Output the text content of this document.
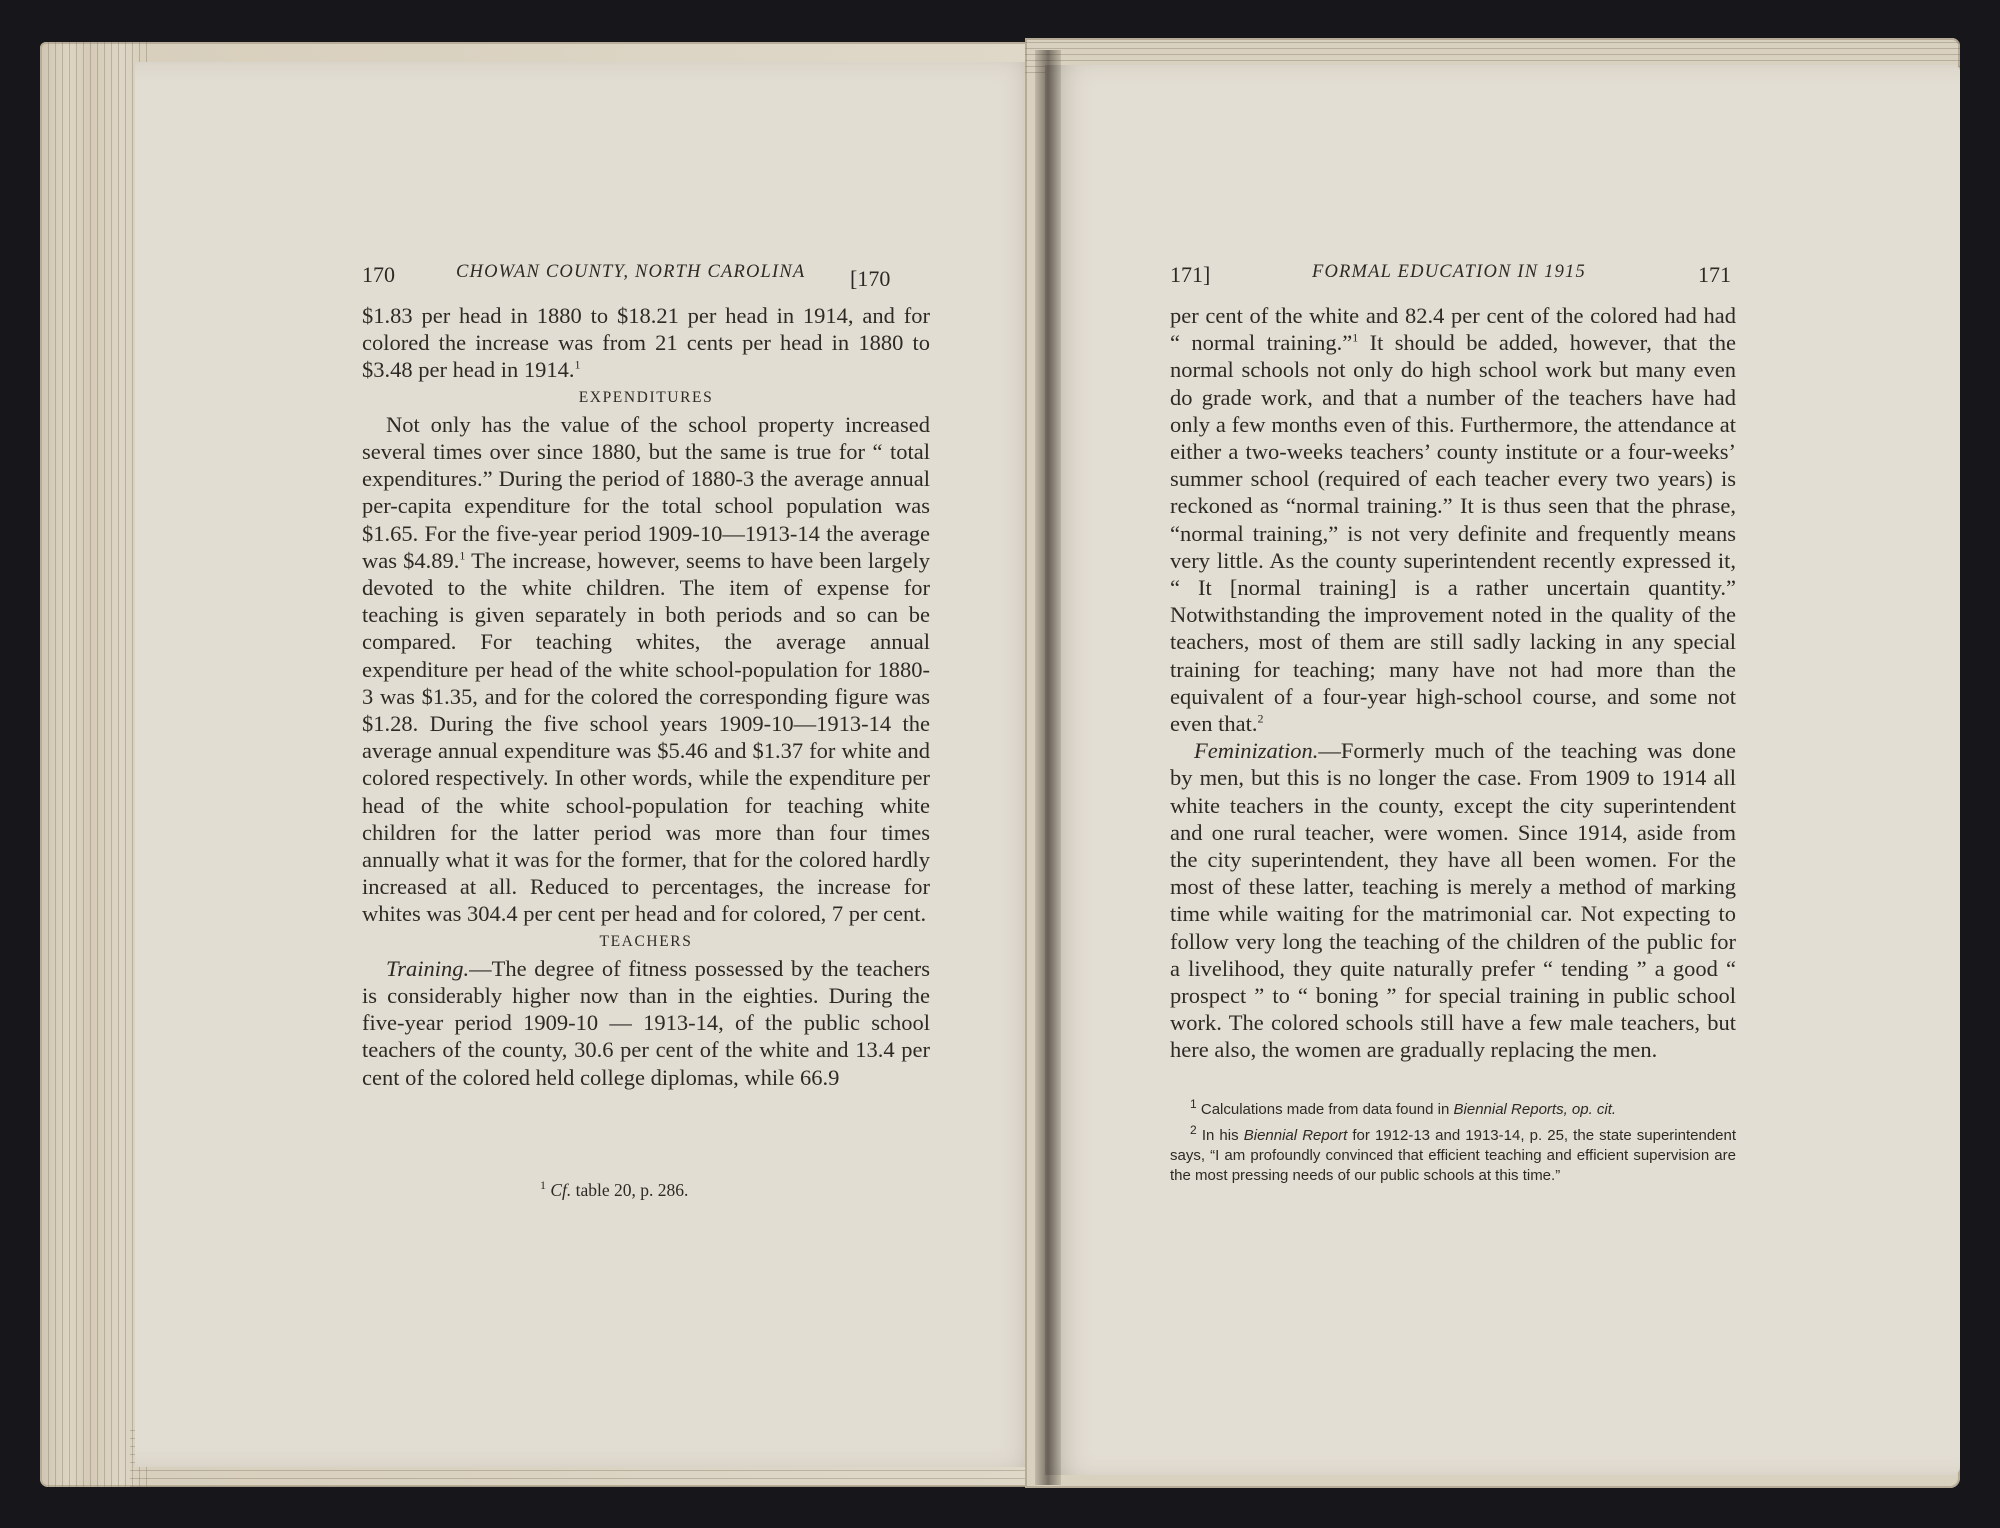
170	CHOWAN COUNTY, NORTH CAROLINA [170

$1.83 per head in 1880 to $18.21 per head in 1914, and for colored the increase was from 21 cents per head in 1880 to $3.48 per head in 1914.$^1$

EXPENDITURES

Not only has the value of the school property increased several times over since 1880, but the same is true for “ total expenditures.” During the period of 1880-3 the average annual per-capita expenditure for the total school population was $1.65. For the five-year period 1909-10—1913-14 the average was $4.89.$^1$ The increase, however, seems to have been largely devoted to the white children. The item of expense for teaching is given separately in both periods and so can be compared. For teaching whites, the average annual expenditure per head of the white school-population for 1880-3 was $1.35, and for the colored the corresponding figure was $1.28. During the five school years 1909-10—1913-14 the average annual expenditure was $5.46 and $1.37 for white and colored respectively. In other words, while the expenditure per head of the white school-population for teaching white children for the latter period was more than four times annually what it was for the former, that for the colored hardly increased at all. Reduced to percentages, the increase for whites was 304.4 per cent per head and for colored, 7 per cent.

TEACHERS

Training.—The degree of fitness possessed by the teachers is considerably higher now than in the eighties. During the five-year period 1909-10 — 1913-14, of the public school teachers of the county, 30.6 per cent of the white and 13.4 per cent of the colored held college diplomas, while 66.9

$^1$ Cf. table 20, p. 286.
171]	FORMAL EDUCATION IN 1915	171

per cent of the white and 82.4 per cent of the colored had had “ normal training.”$^1$ It should be added, however, that the normal schools not only do high school work but many even do grade work, and that a number of the teachers have had only a few months even of this. Furthermore, the attendance at either a two-weeks teachers’ county institute or a four-weeks’ summer school (required of each teacher every two years) is reckoned as “normal training.” It is thus seen that the phrase, “normal training,” is not very definite and frequently means very little. As the county superintendent recently expressed it, “ It [normal training] is a rather uncertain quantity.” Notwithstanding the improvement noted in the quality of the teachers, most of them are still sadly lacking in any special training for teaching; many have not had more than the equivalent of a four-year high-school course, and some not even that.$^2$

Feminization.—Formerly much of the teaching was done by men, but this is no longer the case. From 1909 to 1914 all white teachers in the county, except the city superintendent and one rural teacher, were women. Since 1914, aside from the city superintendent, they have all been women. For the most of these latter, teaching is merely a method of marking time while waiting for the matrimonial car. Not expecting to follow very long the teaching of the children of the public for a livelihood, they quite naturally prefer “ tending ” a good “ prospect ” to “ boning ” for special training in public school work. The colored schools still have a few male teachers, but here also, the women are gradually replacing the men.

$^1$ Calculations made from data found in Biennial Reports, op. cit.

$^2$ In his Biennial Report for 1912-13 and 1913-14, p. 25, the state superintendent says, “I am profoundly convinced that efficient teaching and efficient supervision are the most pressing needs of our public schools at this time.”
